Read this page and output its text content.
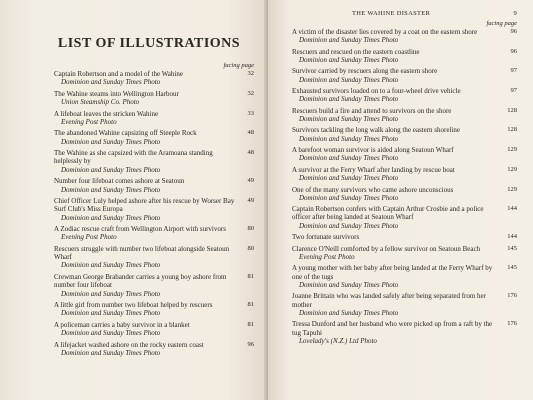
LIST OF ILLUSTRATIONS
facing page
Captain Robertson and a model of the Wahine
Dominion and Sunday Times Photo
32
The Wahine steams into Wellington Harbour
Union Steamship Co. Photo
32
A lifeboat leaves the stricken Wahine
Evening Post Photo
33
The abandoned Wahine capsizing off Steeple Rock
Dominion and Sunday Times Photo
48
The Wahine as she capsized with the Aramoana standing helplessly by
Dominion and Sunday Times Photo
48
Number four lifeboat comes ashore at Seatoun
Dominion and Sunday Times Photo
49
Chief Officer Luly helped ashore after his rescue by Worser Bay Surf Club's Miss Europa
Dominion and Sunday Times Photo
49
A Zodiac rescue craft from Wellington Airport with survivors
Evening Post Photo
80
Rescuers struggle with number two lifeboat alongside Seatoun Wharf
Dominion and Sunday Times Photo
80
Crewman George Brabander carries a young boy ashore from number four lifeboat
Dominion and Sunday Times Photo
81
A little girl from number two lifeboat helped by rescuers
Dominion and Sunday Times Photo
81
A policeman carries a baby survivor in a blanket
Dominion and Sunday Times Photo
81
A lifejacket washed ashore on the rocky eastern coast
Dominion and Sunday Times Photo
96
THE WAHINE DISASTER	9
facing page
A victim of the disaster lies covered by a coat on the eastern shore
Dominion and Sunday Times Photo
96
Rescuers and rescued on the eastern coastline
Dominion and Sunday Times Photo
96
Survivor carried by rescuers along the eastern shore
Dominion and Sunday Times Photo
97
Exhausted survivors loaded on to a four-wheel drive vehicle
Dominion and Sunday Times Photo
97
Rescuers build a fire and attend to survivors on the shore
Dominion and Sunday Times Photo
128
Survivors tackling the long walk along the eastern shoreline
Dominion and Sunday Times Photo
128
A barefoot woman survivor is aided along Seatoun Wharf
Dominion and Sunday Times Photo
129
A survivor at the Ferry Wharf after landing by rescue boat
Dominion and Sunday Times Photo
129
One of the many survivors who came ashore unconscious
Dominion and Sunday Times Photo
129
Captain Robertson confers with Captain Arthur Crosbie and a police officer after being landed at Seatoun Wharf
Dominion and Sunday Times Photo
144
Two fortunate survivors	144
Clarence O'Neill comforted by a fellow survivor on Seatoun Beach
Evening Post Photo
145
A young mother with her baby after being landed at the Ferry Wharf by one of the tugs
Dominion and Sunday Times Photo
145
Joanne Brittain who was landed safely after being separated from her mother
Dominion and Sunday Times Photo
176
Tressa Dunford and her husband who were picked up from a raft by the tug Tapuhi
Lovelady's (N.Z.) Ltd Photo
176
